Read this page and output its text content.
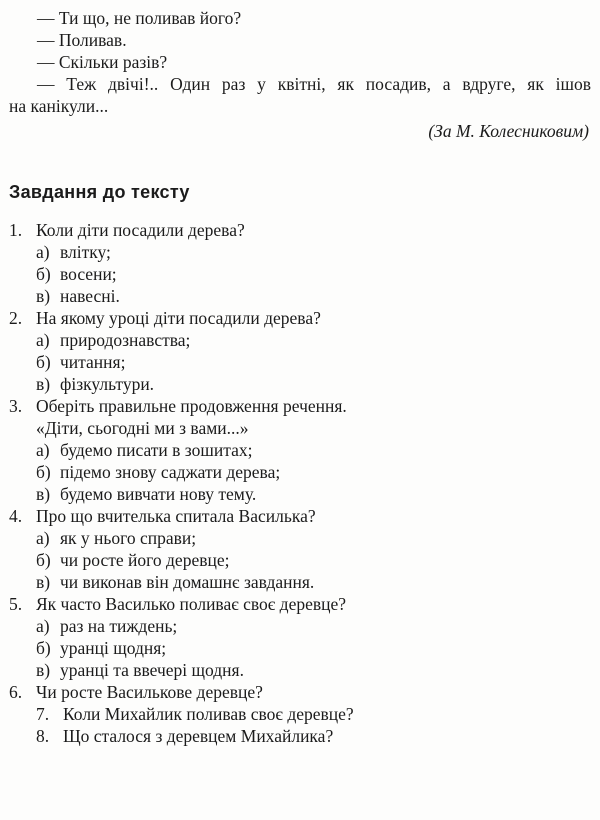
— Ти що, не поливав його?
— Поливав.
— Скільки разів?
— Теж двічі!.. Один раз у квітні, як посадив, а вдруге, як ішов
на канікули...
(За М. Колесниковим)
Завдання до тексту
1. Коли діти посадили дерева?
а) влітку;
б) восени;
в) навесні.
2. На якому уроці діти посадили дерева?
а) природознавства;
б) читання;
в) фізкультури.
3. Оберіть правильне продовження речення.
«Діти, сьогодні ми з вами...»
а) будемо писати в зошитах;
б) підемо знову саджати дерева;
в) будемо вивчати нову тему.
4. Про що вчителька спитала Василька?
а) як у нього справи;
б) чи росте його деревце;
в) чи виконав він домашнє завдання.
5. Як часто Василько поливає своє деревце?
а) раз на тиждень;
б) уранці щодня;
в) уранці та ввечері щодня.
6. Чи росте Василькове деревце?
7. Коли Михайлик поливав своє деревце?
8. Що сталося з деревцем Михайлика?
